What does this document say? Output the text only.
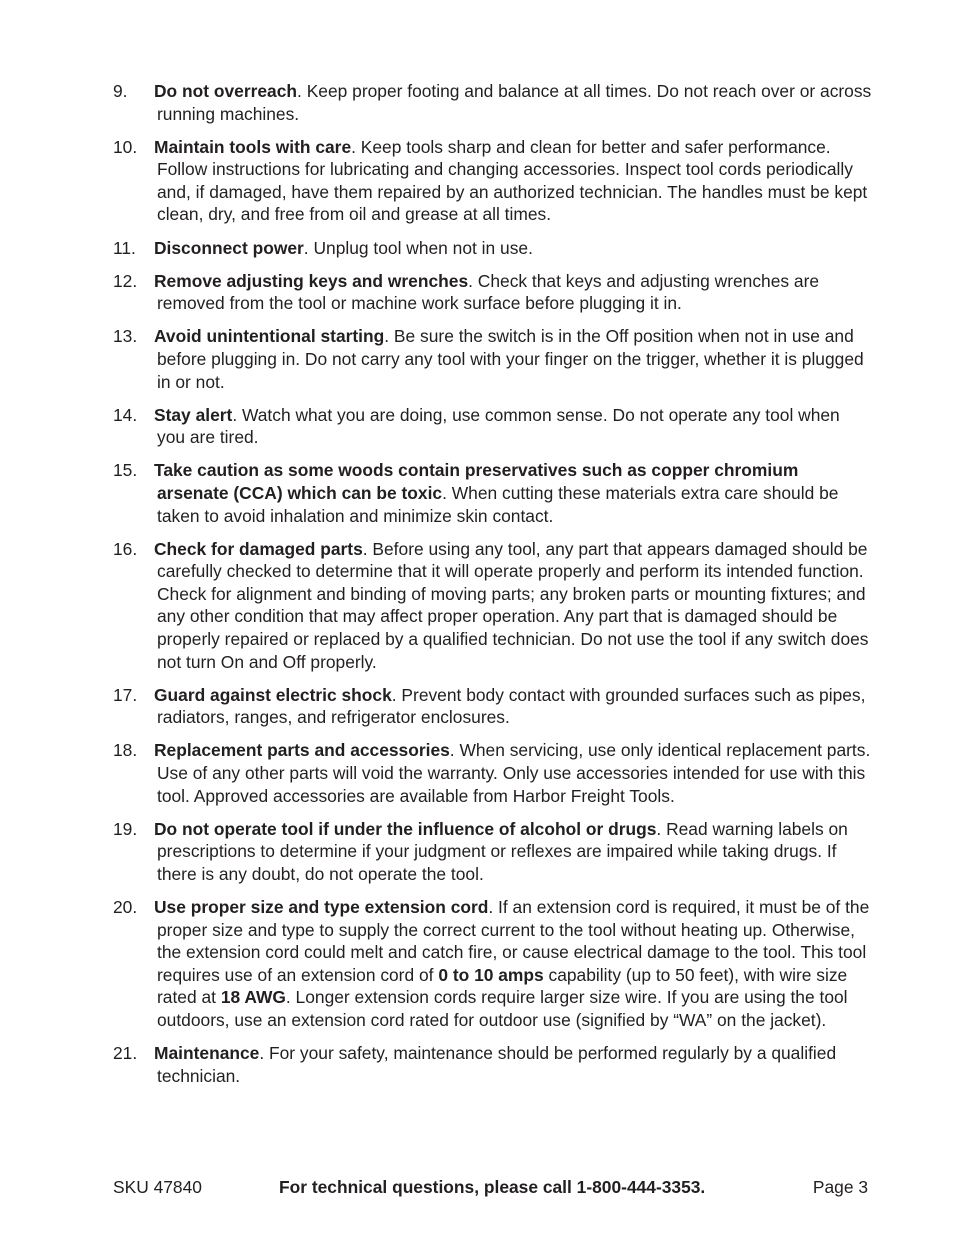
9. Do not overreach. Keep proper footing and balance at all times. Do not reach over or across running machines.
10. Maintain tools with care. Keep tools sharp and clean for better and safer performance. Follow instructions for lubricating and changing accessories. Inspect tool cords periodically and, if damaged, have them repaired by an authorized technician. The handles must be kept clean, dry, and free from oil and grease at all times.
11. Disconnect power. Unplug tool when not in use.
12. Remove adjusting keys and wrenches. Check that keys and adjusting wrenches are removed from the tool or machine work surface before plugging it in.
13. Avoid unintentional starting. Be sure the switch is in the Off position when not in use and before plugging in. Do not carry any tool with your finger on the trigger, whether it is plugged in or not.
14. Stay alert. Watch what you are doing, use common sense. Do not operate any tool when you are tired.
15. Take caution as some woods contain preservatives such as copper chromium arsenate (CCA) which can be toxic. When cutting these materials extra care should be taken to avoid inhalation and minimize skin contact.
16. Check for damaged parts. Before using any tool, any part that appears damaged should be carefully checked to determine that it will operate properly and perform its intended function. Check for alignment and binding of moving parts; any broken parts or mounting fixtures; and any other condition that may affect proper operation. Any part that is damaged should be properly repaired or replaced by a qualified technician. Do not use the tool if any switch does not turn On and Off properly.
17. Guard against electric shock. Prevent body contact with grounded surfaces such as pipes, radiators, ranges, and refrigerator enclosures.
18. Replacement parts and accessories. When servicing, use only identical replacement parts. Use of any other parts will void the warranty. Only use accessories intended for use with this tool. Approved accessories are available from Harbor Freight Tools.
19. Do not operate tool if under the influence of alcohol or drugs. Read warning labels on prescriptions to determine if your judgment or reflexes are impaired while taking drugs. If there is any doubt, do not operate the tool.
20. Use proper size and type extension cord. If an extension cord is required, it must be of the proper size and type to supply the correct current to the tool without heating up. Otherwise, the extension cord could melt and catch fire, or cause electrical damage to the tool. This tool requires use of an extension cord of 0 to 10 amps capability (up to 50 feet), with wire size rated at 18 AWG. Longer extension cords require larger size wire. If you are using the tool outdoors, use an extension cord rated for outdoor use (signified by “WA” on the jacket).
21. Maintenance. For your safety, maintenance should be performed regularly by a qualified technician.
SKU 47840	For technical questions, please call 1-800-444-3353.	Page 3
